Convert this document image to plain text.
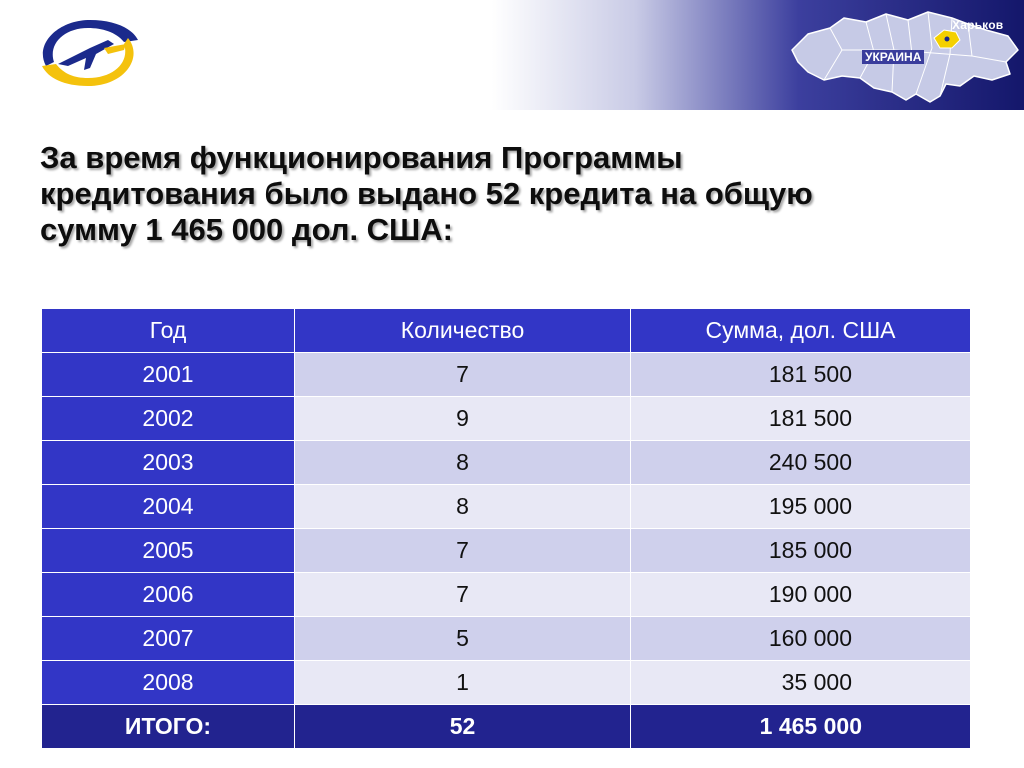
Харьков
УКРАИНА
За время функционирования Программы
кредитования было выдано 52 кредита на общую
сумму 1 465 000 дол. США:
Год	Количество	Сумма, дол. США
2001	7	181 500
2002	9	181 500
2003	8	240 500
2004	8	195 000
2005	7	185 000
2006	7	190 000
2007	5	160 000
2008	1	35 000
ИТОГО:	52	1 465 000
